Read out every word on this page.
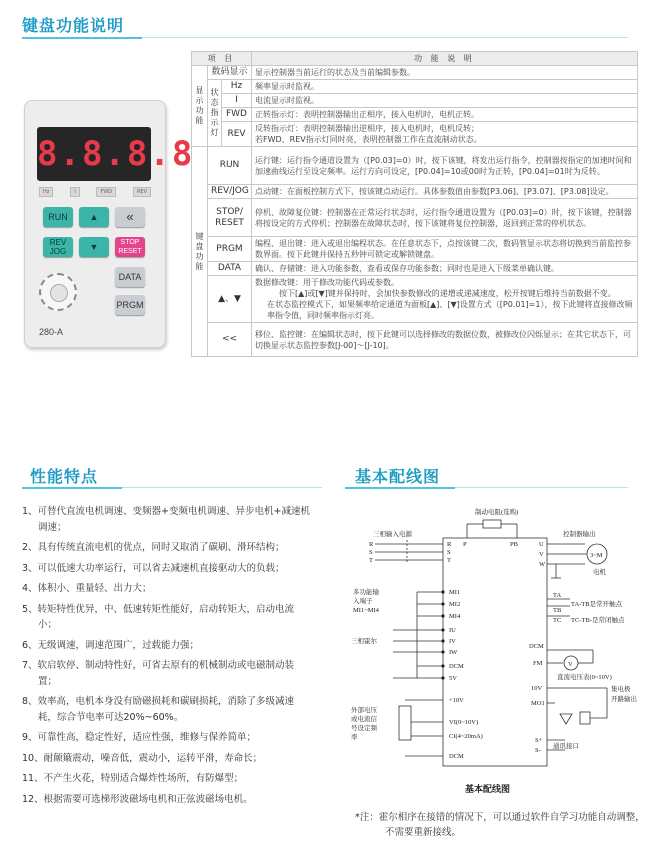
键盘功能说明
8.8.8.8
Hz	I	FWD	REV
RUN	▲	«
REV
JOG	▼	STOP
RESET
DATA
PRGM
280-A
项 目			功 能 说 明
显示功能	数码显示		显示控制器当前运行的状态及当前编辑参数。
	状态指示灯	Hz	频率显示时监视。
		I	电流显示时监视。
		FWD	正转指示灯：表明控制器输出正相序，接入电机时，电机正转。
		REV	反转指示灯：表明控制器输出逆相序，接入电机时，电机反转；
若FWD、REV指示灯同时亮，表明控制器工作在直流制动状态。
键盘功能	RUN		运行键：运行指令通道设置为（[P0.03]=0）时，按下该键，将发出运行指令，控制器按指定的加速时间和加速曲线运行至设定频率。运行方向可设定，[P0.04]=10或00时为正转，[P0.04]=01时为反转。
	REV/JOG		点动键：在面板控制方式下，按该键点动运行。具体参数值由参数[P3.06]、[P3.07]、[P3.08]设定。
	STOP/ RESET		停机、故障复位键：控制器在正常运行状态时，运行指令通道设置为（[P0.03]=0）时，按下该键，控制器将按设定的方式停机；控制器在故障状态时，按下该键将复位控制器，返回到正常的停机状态。
	PRGM		编程、退出键：进入或退出编程状态。在任意状态下，点按该键二次，数码管显示状态将切换到当前监控参数界面。按下此键并保持五秒钟可锁定或解锁键盘。
	DATA		确认、存储键：进入功能参数，查看或保存功能参数；同时也是进入下级菜单确认键。
	▲、▼		数据修改键：用于修改功能代码或参数。
按下[▲]或[▼]键并保持时，会加快参数修改的递增或递减速度，松开按键后维持当前数据不变。
在状态监控模式下，如果频率给定通道为面板[▲]、[▼]设置方式（[P0.01]=1），按下此键将直接修改频率指令值，同时频率指示灯亮。
	<<		移位、监控键：在编辑状态时，按下此键可以选择修改的数据位数，被修改位闪烁显示；在其它状态下，可切换显示状态监控参数[J-00]～[J-10]。
性能特点
1、可替代直流电机调速、变频器+变频电机调速、异步电机+减速机调速；
2、具有传统直流电机的优点，同时又取消了碳刷、滑环结构；
3、可以低速大功率运行，可以省去减速机直接驱动大的负载；
4、体积小、重量轻、出力大；
5、转矩特性优异，中、低速转矩性能好，启动转矩大，启动电流小；
6、无级调速，调速范围广，过载能力强；
7、软启软停、制动特性好，可省去原有的机械制动或电磁制动装置；
8、效率高，电机本身没有励磁损耗和碳刷损耗，消除了多级减速耗，综合节电率可达20%~60%。
9、可靠性高，稳定性好，适应性强，维修与保养简单；
10、耐颠簸震动，噪音低，震动小，运转平滑，寿命长；
11、不产生火花，特别适合爆炸性场所，有防爆型；
12、根据需要可选梯形波磁场电机和正弦波磁场电机。
基本配线图
制动电阻(选购)
P	PB
三相输入电源
R
S
T
R
S
T
控制器输出
U
V
W
3~M
电机
多功能输
入端子
MI1~MI4
MI1
MI2
MI4
三相霍尔
IU
IV
IW
DCM
5V
TA
TB
TC
TA-TB是常开触点
TC-TB-是常闭触点
DCM
FM	V
直流电压表(0~10V)
10V
MO1
集电极
开路输出
外部电压
或电流信
号设定频
率
+10V
VI(0~10V)
CI(4~20mA)
DCM
S+
S-
通讯接口
基本配线图
*注：霍尔相序在接错的情况下，可以通过软件自学习功能自动调整，不需要重新接线。
